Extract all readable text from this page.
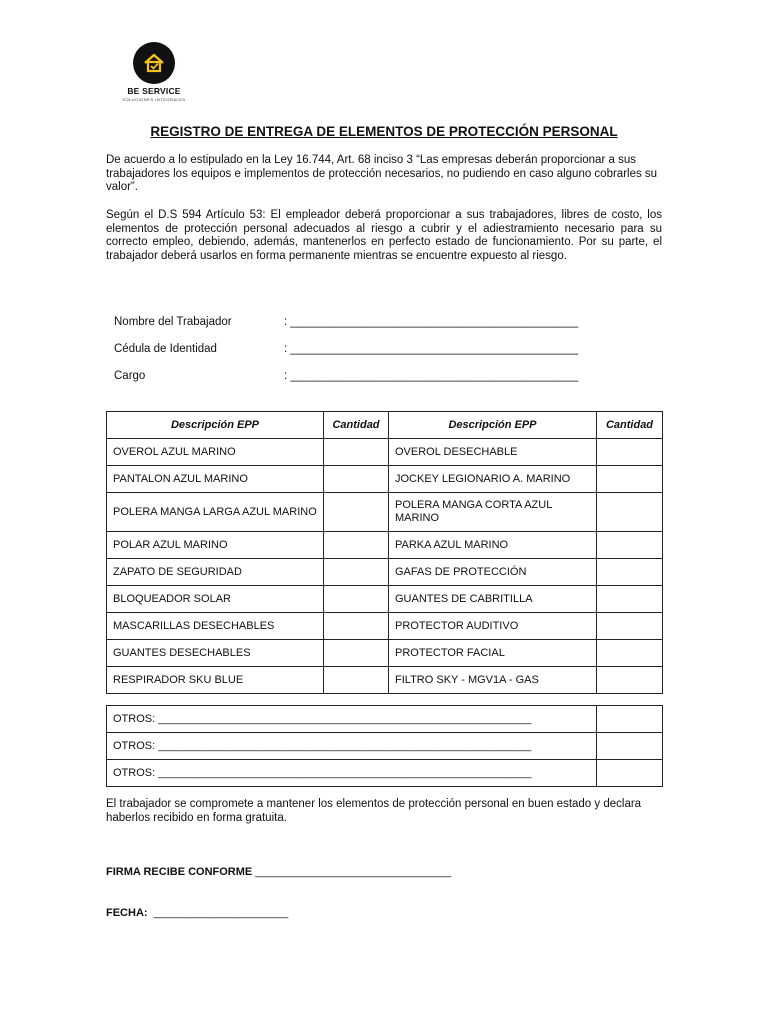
BE SERVICE
SOLUCIONES INTEGRALES
REGISTRO DE ENTREGA DE ELEMENTOS DE PROTECCIÓN PERSONAL

De acuerdo a lo estipulado en la Ley 16.744, Art. 68 inciso 3 “Las empresas deberán proporcionar a sus trabajadores los equipos e implementos de protección necesarios, no pudiendo en caso alguno cobrarles su valor”.

Según el D.S 594 Artículo 53: El empleador deberá proporcionar a sus trabajadores, libres de costo, los elementos de protección personal adecuados al riesgo a cubrir y el adiestramiento necesario para su correcto empleo, debiendo, además, mantenerlos en perfecto estado de funcionamiento. Por su parte, el trabajador deberá usarlos en forma permanente mientras se encuentre expuesto al riesgo.

Nombre del Trabajador	: _____________________________________________
Cédula de Identidad	: _____________________________________________
Cargo	: _____________________________________________
Descripción EPP	Cantidad	Descripción EPP	Cantidad
OVEROL AZUL MARINO		OVEROL DESECHABLE	
PANTALON AZUL MARINO		JOCKEY LEGIONARIO A. MARINO	
POLERA MANGA LARGA AZUL MARINO		POLERA MANGA CORTA AZUL MARINO	
POLAR AZUL MARINO		PARKA AZUL MARINO	
ZAPATO DE SEGURIDAD		GAFAS DE PROTECCIÓN	
BLOQUEADOR SOLAR		GUANTES DE CABRITILLA	
MASCARILLAS DESECHABLES		PROTECTOR AUDITIVO	
GUANTES DESECHABLES		PROTECTOR FACIAL	
RESPIRADOR SKU BLUE		FILTRO SKY - MGV1A - GAS	
OTROS: _____________________________________________________________	
OTROS: _____________________________________________________________	
OTROS: _____________________________________________________________	

El trabajador se compromete a mantener los elementos de protección personal en buen estado y declara haberlos recibido en forma gratuita.

FIRMA RECIBE CONFORME ________________________________
FECHA: ______________________
